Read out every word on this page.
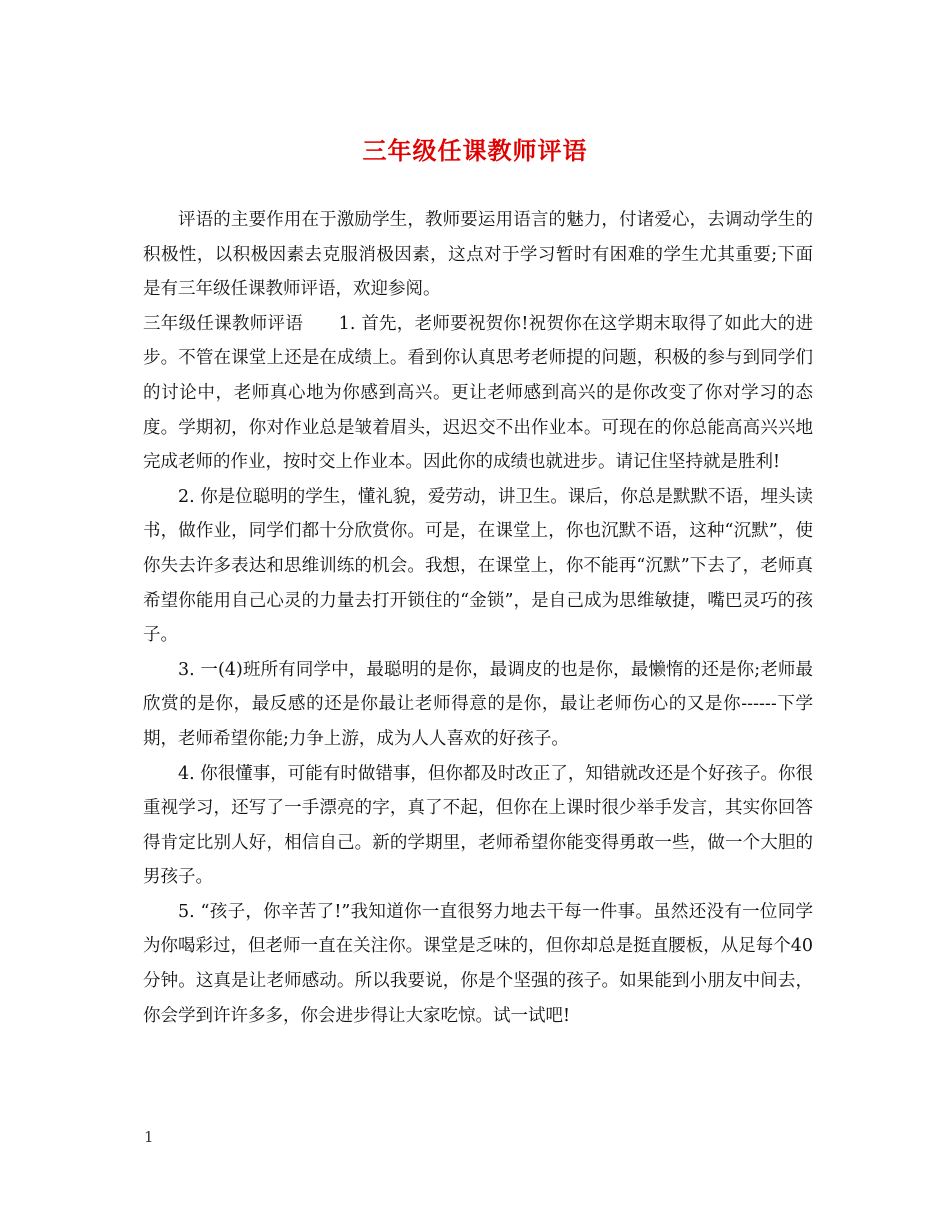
三年级任课教师评语

评语的主要作用在于激励学生，教师要运用语言的魅力，付诸爱心，去调动学生的积极性，以积极因素去克服消极因素，这点对于学习暂时有困难的学生尤其重要;下面是有三年级任课教师评语，欢迎参阅。

三年级任课教师评语　　1. 首先，老师要祝贺你!祝贺你在这学期末取得了如此大的进步。不管在课堂上还是在成绩上。看到你认真思考老师提的问题，积极的参与到同学们的讨论中，老师真心地为你感到高兴。更让老师感到高兴的是你改变了你对学习的态度。学期初，你对作业总是皱着眉头，迟迟交不出作业本。可现在的你总能高高兴兴地完成老师的作业，按时交上作业本。因此你的成绩也就进步。请记住坚持就是胜利!

2. 你是位聪明的学生，懂礼貌，爱劳动，讲卫生。课后，你总是默默不语，埋头读书，做作业，同学们都十分欣赏你。可是，在课堂上，你也沉默不语，这种“沉默”，使你失去许多表达和思维训练的机会。我想，在课堂上，你不能再“沉默”下去了，老师真希望你能用自己心灵的力量去打开锁住的“金锁”，是自己成为思维敏捷，嘴巴灵巧的孩子。

3. 一(4)班所有同学中，最聪明的是你，最调皮的也是你，最懒惰的还是你;老师最欣赏的是你，最反感的还是你最让老师得意的是你，最让老师伤心的又是你------下学期，老师希望你能;力争上游，成为人人喜欢的好孩子。

4. 你很懂事，可能有时做错事，但你都及时改正了，知错就改还是个好孩子。你很重视学习，还写了一手漂亮的字，真了不起，但你在上课时很少举手发言，其实你回答得肯定比别人好，相信自己。新的学期里，老师希望你能变得勇敢一些，做一个大胆的男孩子。

5. “孩子，你辛苦了!”我知道你一直很努力地去干每一件事。虽然还没有一位同学为你喝彩过，但老师一直在关注你。课堂是乏味的，但你却总是挺直腰板，从足每个40分钟。这真是让老师感动。所以我要说，你是个坚强的孩子。如果能到小朋友中间去，你会学到许许多多，你会进步得让大家吃惊。试一试吧!

1
